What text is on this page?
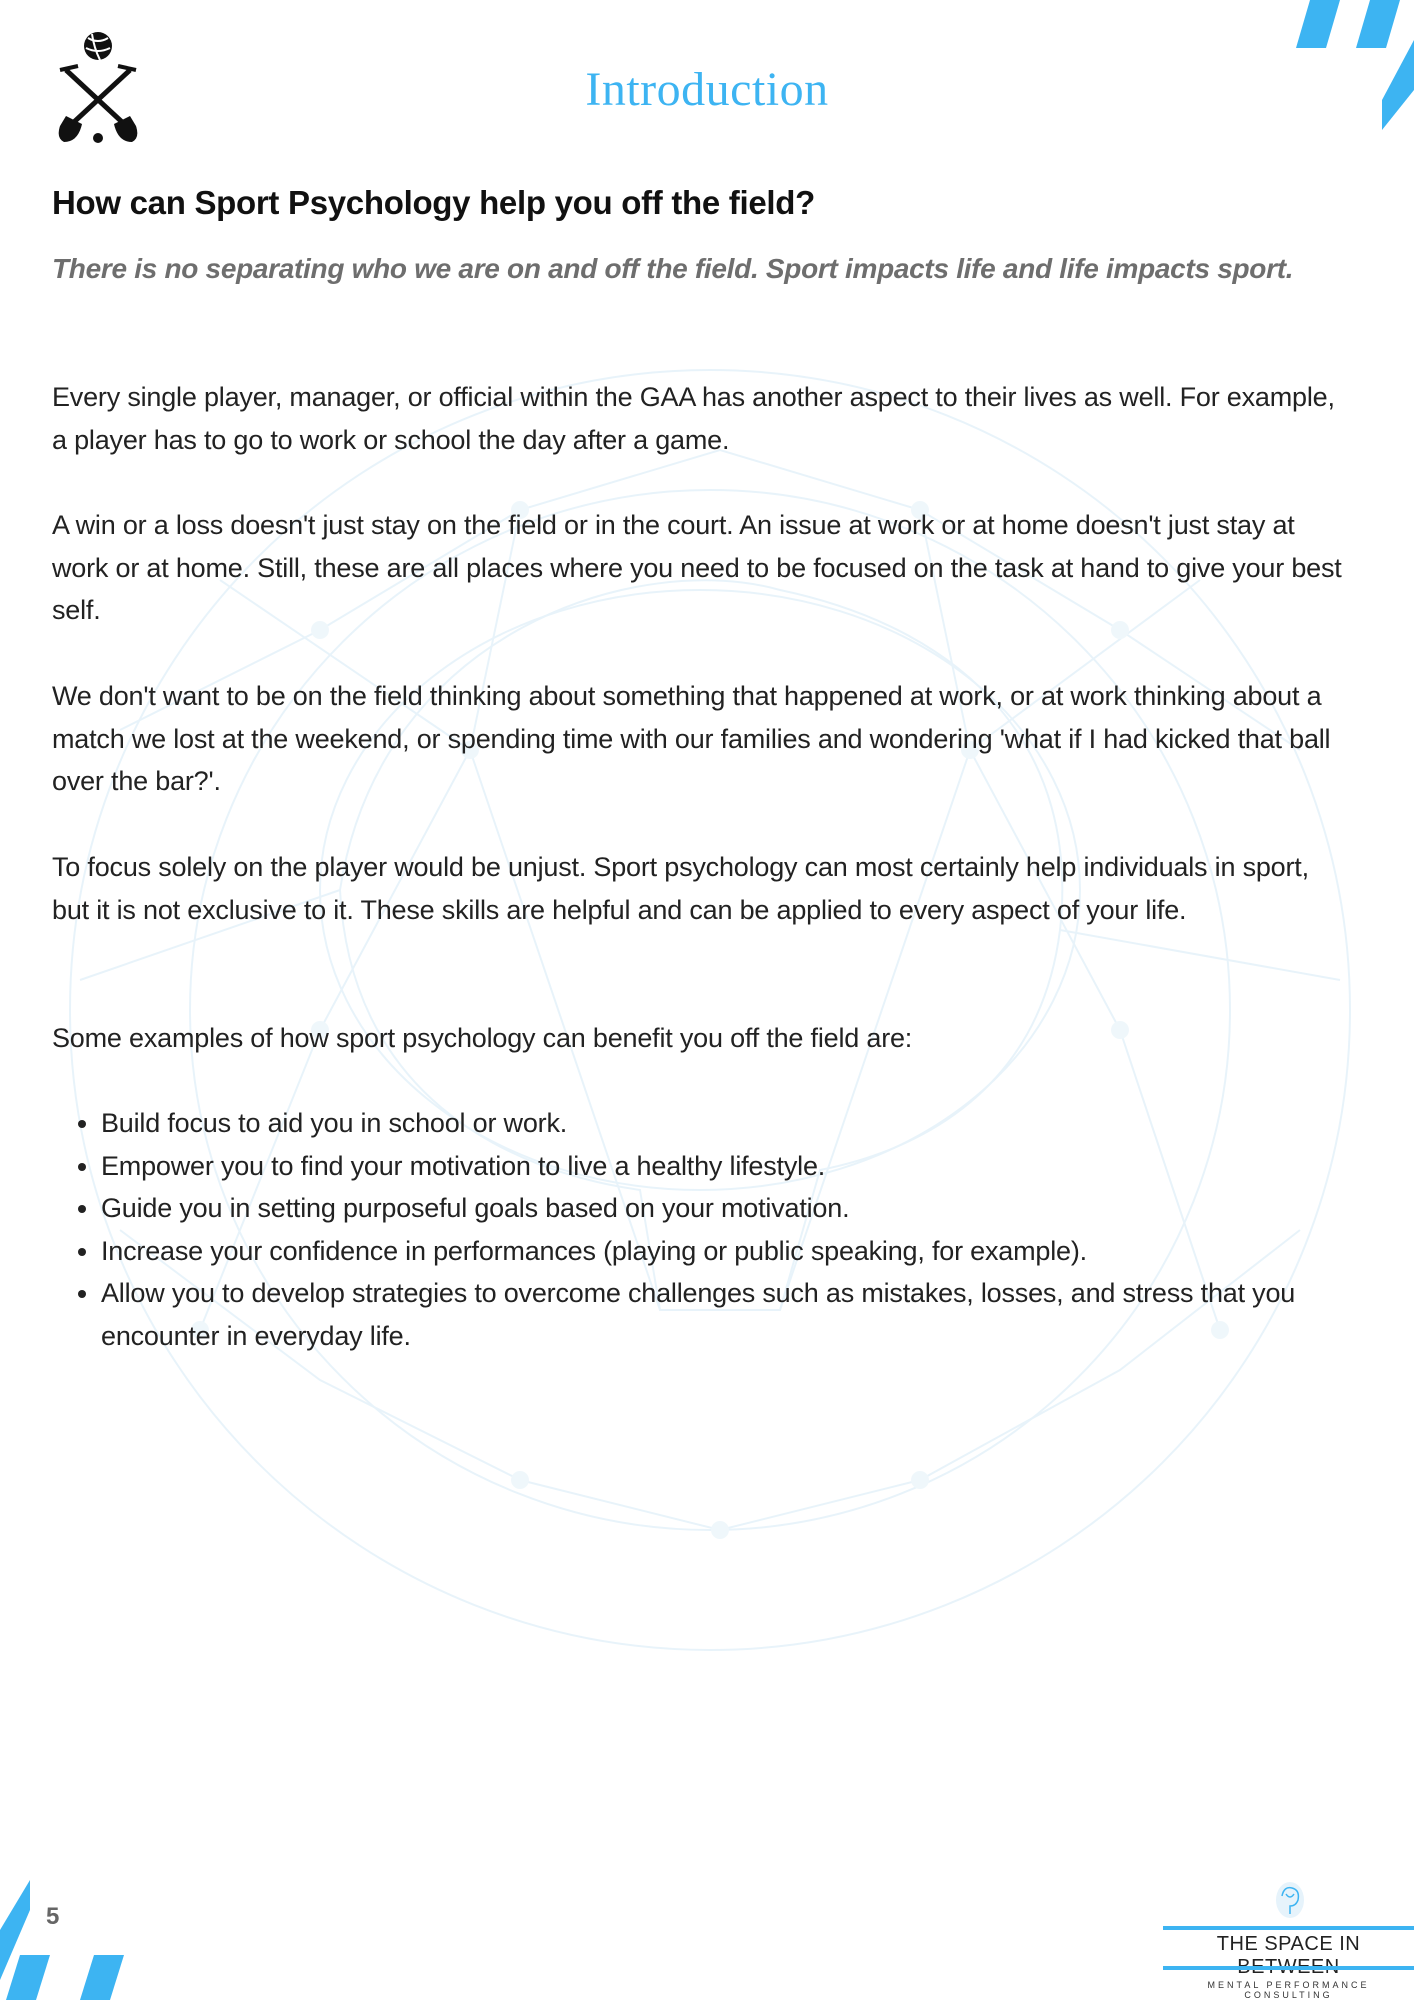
Introduction
How can Sport Psychology help you off the field?
There is no separating who we are on and off the field. Sport impacts life and life impacts sport.
Every single player, manager, or official within the GAA has another aspect to their lives as well. For example, a player has to go to work or school the day after a game.
A win or a loss doesn't just stay on the field or in the court. An issue at work or at home doesn't just stay at work or at home. Still, these are all places where you need to be focused on the task at hand to give your best self.
We don't want to be on the field thinking about something that happened at work, or at work thinking about a match we lost at the weekend, or spending time with our families and wondering 'what if I had kicked that ball over the bar?'.
To focus solely on the player would be unjust. Sport psychology can most certainly help individuals in sport, but it is not exclusive to it. These skills are helpful and can be applied to every aspect of your life.
Some examples of how sport psychology can benefit you off the field are:
• Build focus to aid you in school or work.
• Empower you to find your motivation to live a healthy lifestyle.
• Guide you in setting purposeful goals based on your motivation.
• Increase your confidence in performances (playing or public speaking, for example).
• Allow you to develop strategies to overcome challenges such as mistakes, losses, and stress that you encounter in everyday life.
5
THE SPACE IN
MENTAL PERFORMANCE CONSULTING
